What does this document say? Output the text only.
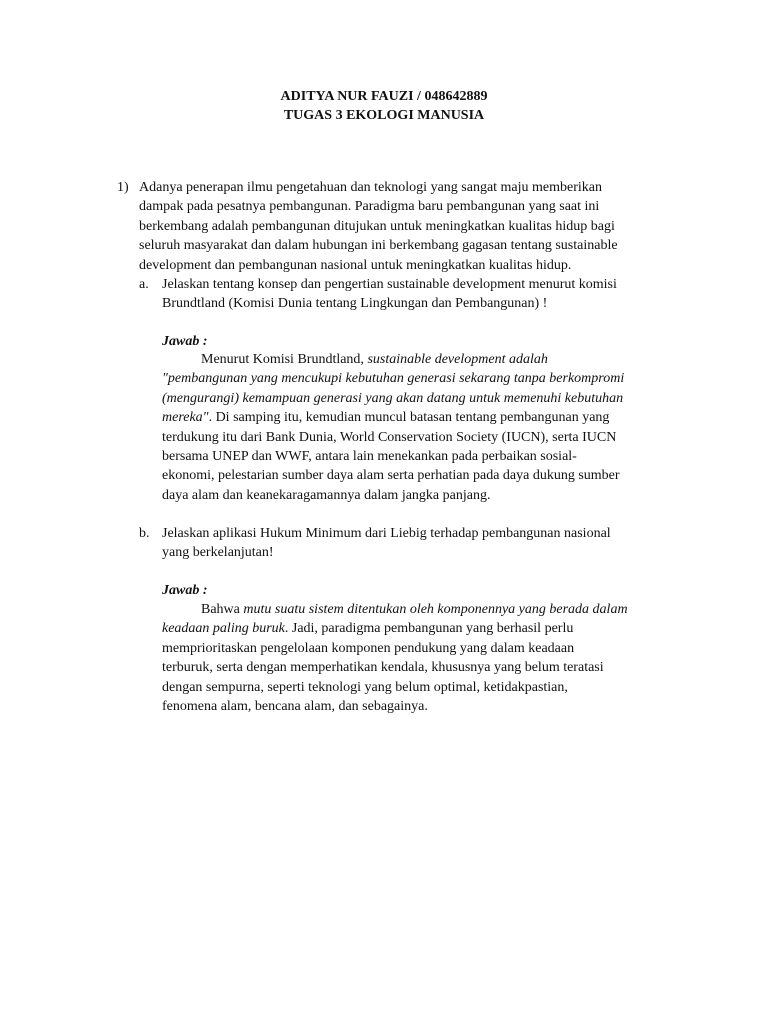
ADITYA NUR FAUZI / 048642889
TUGAS 3 EKOLOGI MANUSIA
1) Adanya penerapan ilmu pengetahuan dan teknologi yang sangat maju memberikan
dampak pada pesatnya pembangunan. Paradigma baru pembangunan yang saat ini
berkembang adalah pembangunan ditujukan untuk meningkatkan kualitas hidup bagi
seluruh masyarakat dan dalam hubungan ini berkembang gagasan tentang sustainable
development dan pembangunan nasional untuk meningkatkan kualitas hidup.
a. Jelaskan tentang konsep dan pengertian sustainable development menurut komisi
Brundtland (Komisi Dunia tentang Lingkungan dan Pembangunan) !
Jawab :
Menurut Komisi Brundtland, sustainable development adalah
"pembangunan yang mencukupi kebutuhan generasi sekarang tanpa berkompromi
(mengurangi) kemampuan generasi yang akan datang untuk memenuhi kebutuhan
mereka". Di samping itu, kemudian muncul batasan tentang pembangunan yang
terdukung itu dari Bank Dunia, World Conservation Society (IUCN), serta IUCN
bersama UNEP dan WWF, antara lain menekankan pada perbaikan sosial-
ekonomi, pelestarian sumber daya alam serta perhatian pada daya dukung sumber
daya alam dan keanekaragamannya dalam jangka panjang.
b. Jelaskan aplikasi Hukum Minimum dari Liebig terhadap pembangunan nasional
yang berkelanjutan!
Jawab :
Bahwa mutu suatu sistem ditentukan oleh komponennya yang berada dalam
keadaan paling buruk. Jadi, paradigma pembangunan yang berhasil perlu
memprioritaskan pengelolaan komponen pendukung yang dalam keadaan
terburuk, serta dengan memperhatikan kendala, khususnya yang belum teratasi
dengan sempurna, seperti teknologi yang belum optimal, ketidakpastian,
fenomena alam, bencana alam, dan sebagainya.
